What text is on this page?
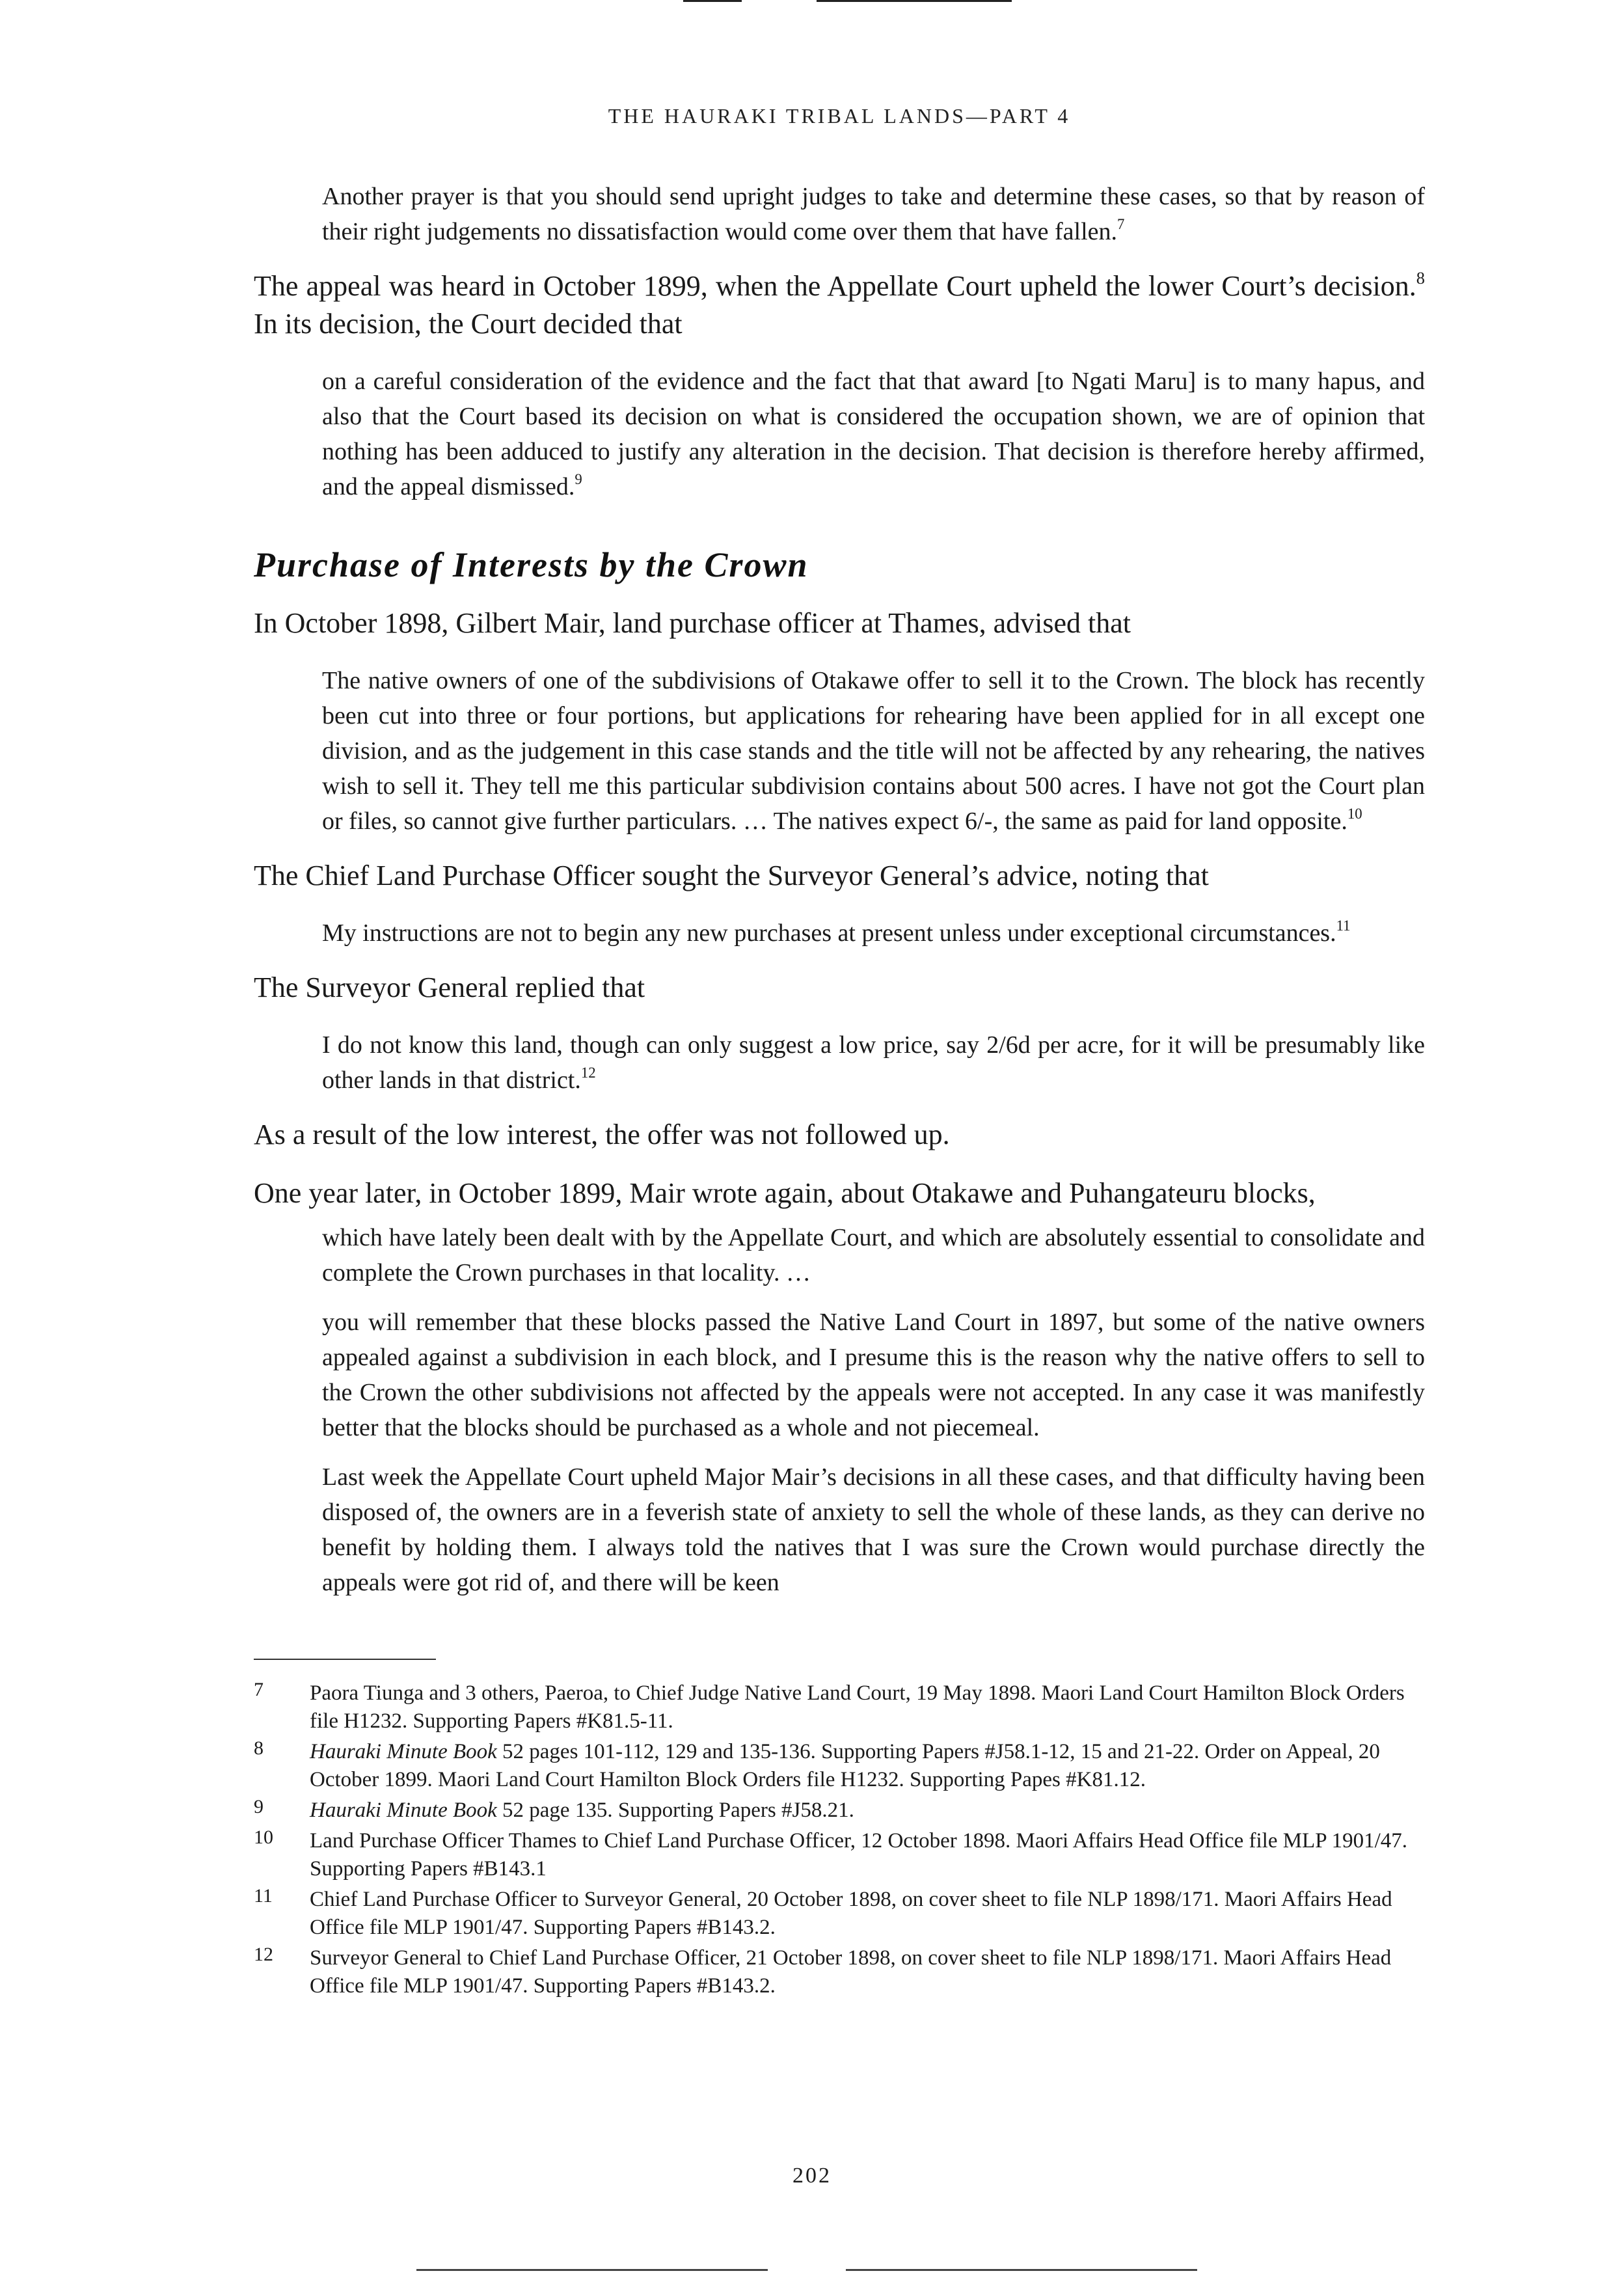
THE HAURAKI TRIBAL LANDS—PART 4

Another prayer is that you should send upright judges to take and determine these cases, so that by reason of their right judgements no dissatisfaction would come over them that have fallen.$^7$

The appeal was heard in October 1899, when the Appellate Court upheld the lower Court’s decision.$^8$ In its decision, the Court decided that

on a careful consideration of the evidence and the fact that that award [to Ngati Maru] is to many hapus, and also that the Court based its decision on what is considered the occupation shown, we are of opinion that nothing has been adduced to justify any alteration in the decision. That decision is therefore hereby affirmed, and the appeal dismissed.$^9$

Purchase of Interests by the Crown

In October 1898, Gilbert Mair, land purchase officer at Thames, advised that

The native owners of one of the subdivisions of Otakawe offer to sell it to the Crown. The block has recently been cut into three or four portions, but applications for rehearing have been applied for in all except one division, and as the judgement in this case stands and the title will not be affected by any rehearing, the natives wish to sell it. They tell me this particular subdivision contains about 500 acres. I have not got the Court plan or files, so cannot give further particulars. … The natives expect 6/-, the same as paid for land opposite.$^{10}$

The Chief Land Purchase Officer sought the Surveyor General’s advice, noting that

My instructions are not to begin any new purchases at present unless under exceptional circumstances.$^{11}$

The Surveyor General replied that

I do not know this land, though can only suggest a low price, say 2/6d per acre, for it will be presumably like other lands in that district.$^{12}$

As a result of the low interest, the offer was not followed up.

One year later, in October 1899, Mair wrote again, about Otakawe and Puhangateuru blocks,

which have lately been dealt with by the Appellate Court, and which are absolutely essential to consolidate and complete the Crown purchases in that locality. …

you will remember that these blocks passed the Native Land Court in 1897, but some of the native owners appealed against a subdivision in each block, and I presume this is the reason why the native offers to sell to the Crown the other subdivisions not affected by the appeals were not accepted. In any case it was manifestly better that the blocks should be purchased as a whole and not piecemeal.

Last week the Appellate Court upheld Major Mair’s decisions in all these cases, and that difficulty having been disposed of, the owners are in a feverish state of anxiety to sell the whole of these lands, as they can derive no benefit by holding them. I always told the natives that I was sure the Crown would purchase directly the appeals were got rid of, and there will be keen

7	Paora Tiunga and 3 others, Paeroa, to Chief Judge Native Land Court, 19 May 1898. Maori Land Court Hamilton Block Orders file H1232. Supporting Papers #K81.5-11.
8	Hauraki Minute Book 52 pages 101-112, 129 and 135-136. Supporting Papers #J58.1-12, 15 and 21-22. Order on Appeal, 20 October 1899. Maori Land Court Hamilton Block Orders file H1232. Supporting Papes #K81.12.
9	Hauraki Minute Book 52 page 135. Supporting Papers #J58.21.
10	Land Purchase Officer Thames to Chief Land Purchase Officer, 12 October 1898. Maori Affairs Head Office file MLP 1901/47. Supporting Papers #B143.1
11	Chief Land Purchase Officer to Surveyor General, 20 October 1898, on cover sheet to file NLP 1898/171. Maori Affairs Head Office file MLP 1901/47. Supporting Papers #B143.2.
12	Surveyor General to Chief Land Purchase Officer, 21 October 1898, on cover sheet to file NLP 1898/171. Maori Affairs Head Office file MLP 1901/47. Supporting Papers #B143.2.
202
